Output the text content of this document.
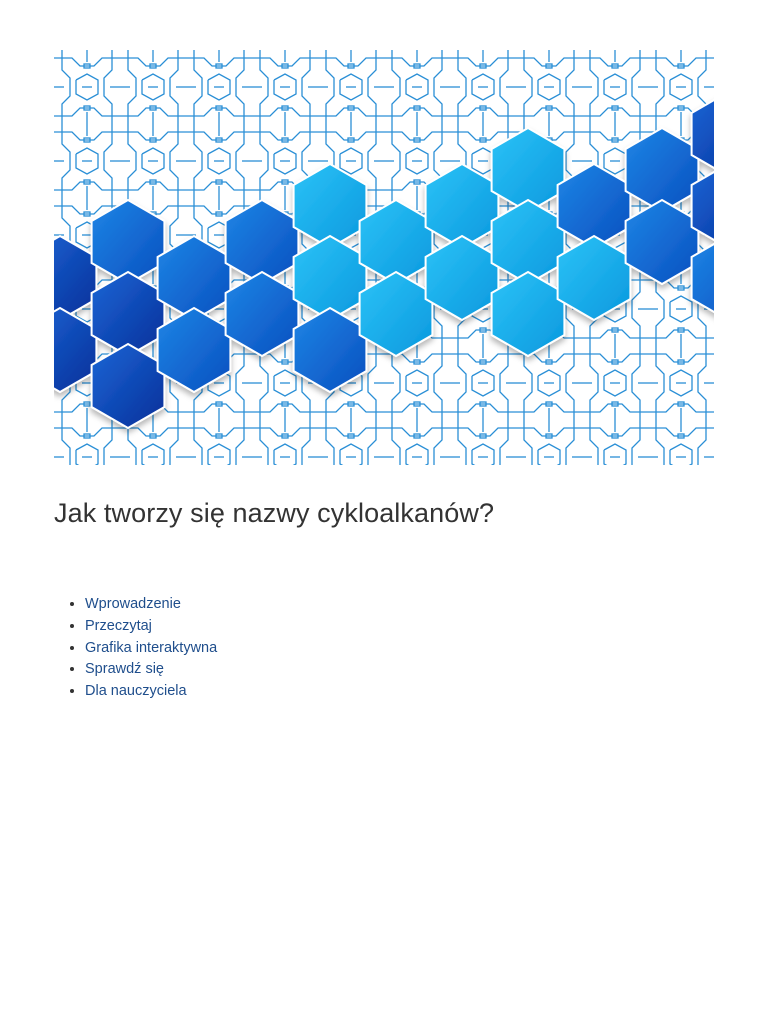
Jak tworzy się nazwy cykloalkanów?
• Wprowadzenie
• Przeczytaj
• Grafika interaktywna
• Sprawdź się
• Dla nauczyciela
